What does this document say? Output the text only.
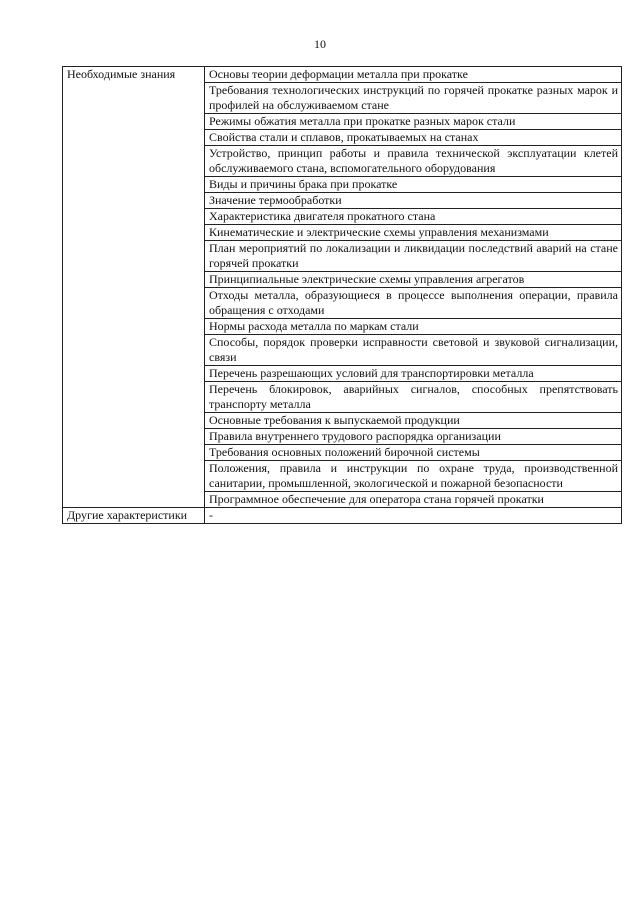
10
Необходимые знания	Основы теории деформации металла при прокатке
	Требования технологических инструкций по горячей прокатке разных марок и профилей на обслуживаемом стане
	Режимы обжатия металла при прокатке разных марок стали
	Свойства стали и сплавов, прокатываемых на станах
	Устройство, принцип работы и правила технической эксплуатации клетей обслуживаемого стана, вспомогательного оборудования
	Виды и причины брака при прокатке
	Значение термообработки
	Характеристика двигателя прокатного стана
	Кинематические и электрические схемы управления механизмами
	План мероприятий по локализации и ликвидации последствий аварий на стане горячей прокатки
	Принципиальные электрические схемы управления агрегатов
	Отходы металла, образующиеся в процессе выполнения операции, правила обращения с отходами
	Нормы расхода металла по маркам стали
	Способы, порядок проверки исправности световой и звуковой сигнализации, связи
	Перечень разрешающих условий для транспортировки металла
	Перечень блокировок, аварийных сигналов, способных препятствовать транспорту металла
	Основные требования к выпускаемой продукции
	Правила внутреннего трудового распорядка организации
	Требования основных положений бирочной системы
	Положения, правила и инструкции по охране труда, производственной санитарии, промышленной, экологической и пожарной безопасности
	Программное обеспечение для оператора стана горячей прокатки
Другие характеристики	-
